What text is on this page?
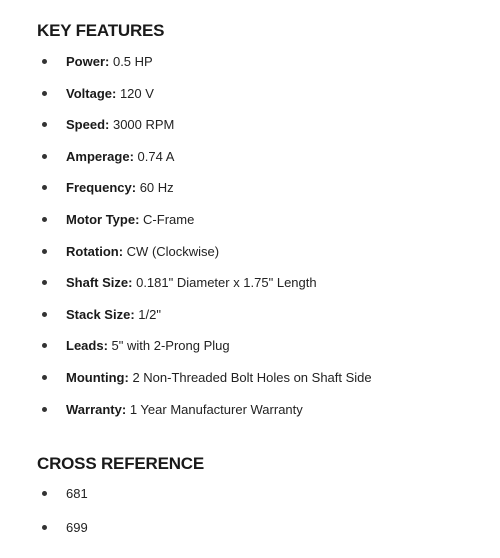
KEY FEATURES
Power: 0.5 HP
Voltage: 120 V
Speed: 3000 RPM
Amperage: 0.74 A
Frequency: 60 Hz
Motor Type: C-Frame
Rotation: CW (Clockwise)
Shaft Size: 0.181" Diameter x 1.75" Length
Stack Size: 1/2"
Leads: 5" with 2-Prong Plug
Mounting: 2 Non-Threaded Bolt Holes on Shaft Side
Warranty: 1 Year Manufacturer Warranty
CROSS REFERENCE
681
699
